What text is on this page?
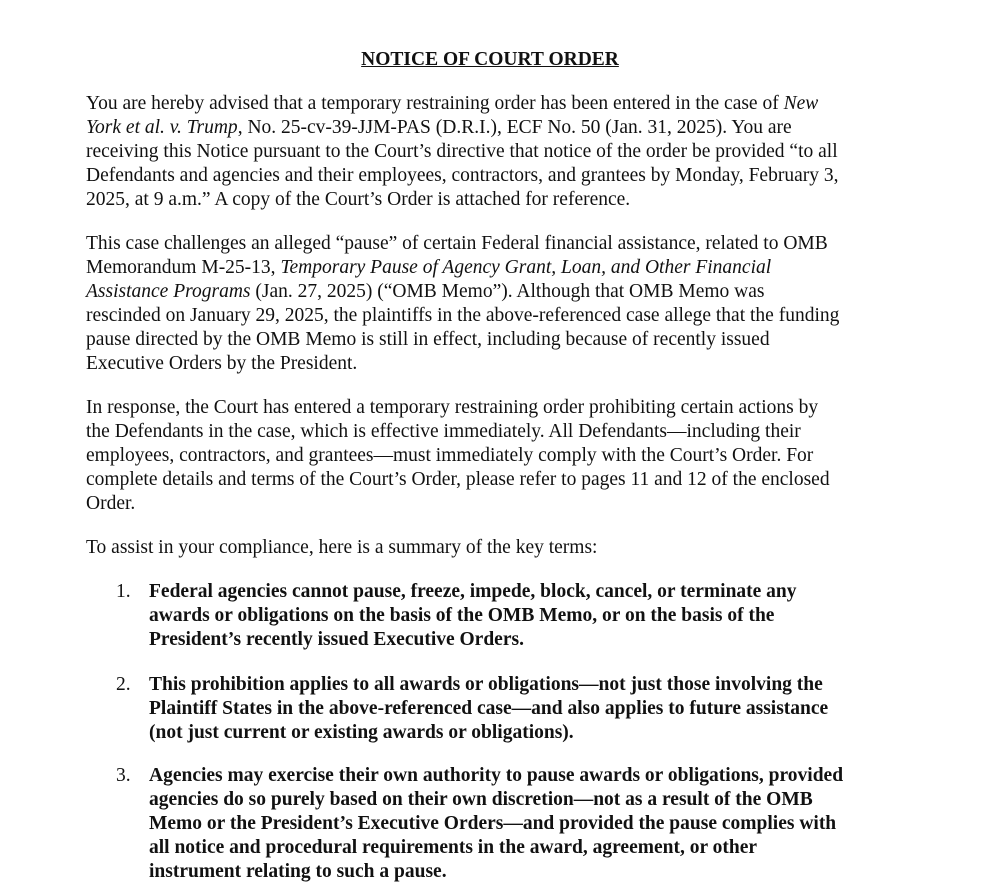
NOTICE OF COURT ORDER

You are hereby advised that a temporary restraining order has been entered in the case of New
York et al. v. Trump, No. 25-cv-39-JJM-PAS (D.R.I.), ECF No. 50 (Jan. 31, 2025). You are
receiving this Notice pursuant to the Court’s directive that notice of the order be provided “to all
Defendants and agencies and their employees, contractors, and grantees by Monday, February 3,
2025, at 9 a.m.” A copy of the Court’s Order is attached for reference.

This case challenges an alleged “pause” of certain Federal financial assistance, related to OMB
Memorandum M-25-13, Temporary Pause of Agency Grant, Loan, and Other Financial
Assistance Programs (Jan. 27, 2025) (“OMB Memo”). Although that OMB Memo was
rescinded on January 29, 2025, the plaintiffs in the above-referenced case allege that the funding
pause directed by the OMB Memo is still in effect, including because of recently issued
Executive Orders by the President.

In response, the Court has entered a temporary restraining order prohibiting certain actions by
the Defendants in the case, which is effective immediately. All Defendants—including their
employees, contractors, and grantees—must immediately comply with the Court’s Order. For
complete details and terms of the Court’s Order, please refer to pages 11 and 12 of the enclosed
Order.

To assist in your compliance, here is a summary of the key terms:

1. Federal agencies cannot pause, freeze, impede, block, cancel, or terminate any
awards or obligations on the basis of the OMB Memo, or on the basis of the
President’s recently issued Executive Orders.
2. This prohibition applies to all awards or obligations—not just those involving the
Plaintiff States in the above-referenced case—and also applies to future assistance
(not just current or existing awards or obligations).
3. Agencies may exercise their own authority to pause awards or obligations, provided
agencies do so purely based on their own discretion—not as a result of the OMB
Memo or the President’s Executive Orders—and provided the pause complies with
all notice and procedural requirements in the award, agreement, or other
instrument relating to such a pause.
